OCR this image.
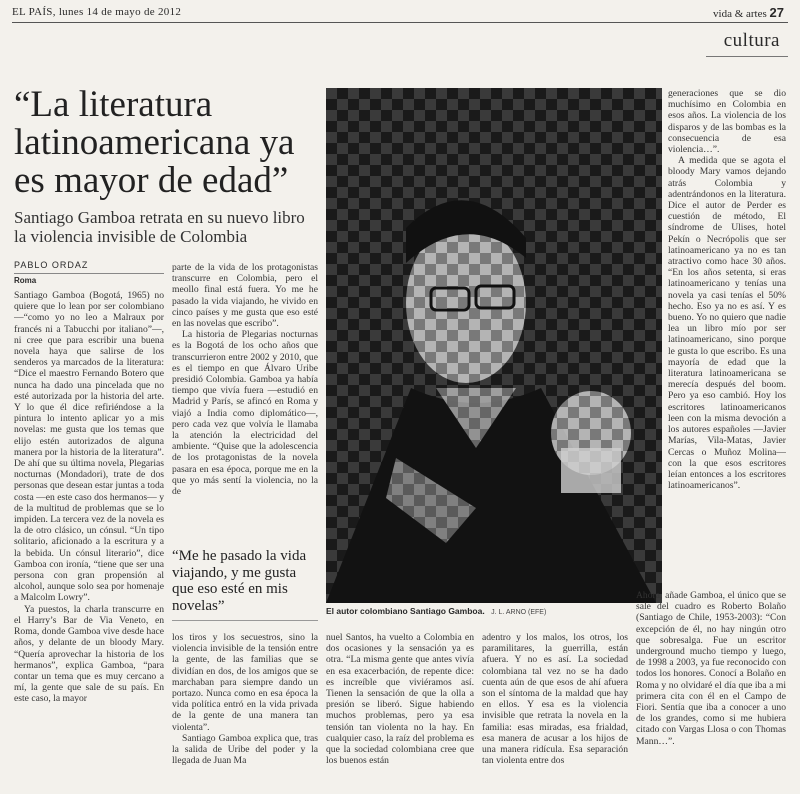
EL PAÍS, lunes 14 de mayo de 2012	vida & artes 27
cultura
“La literatura latinoamericana ya es mayor de edad”
Santiago Gamboa retrata en su nuevo libro la violencia invisible de Colombia
PABLO ORDAZ
Roma

Santiago Gamboa (Bogotá, 1965) no quiere que lo lean por ser colombiano —“como yo no leo a Malraux por francés ni a Tabucchi por italiano”—, ni cree que para escribir una buena novela haya que salirse de los senderos ya marcados de la literatura: “Dice el maestro Fernando Botero que nunca ha dado una pincelada que no esté autorizada por la historia del arte. Y lo que él dice refiriéndose a la pintura lo intento aplicar yo a mis novelas: me gusta que los temas que elijo estén autorizados de alguna manera por la historia de la literatura”. De ahí que su última novela, Plegarias nocturnas (Mondadori), trate de dos personas que desean estar juntas a toda costa —en este caso dos hermanos— y de la multitud de problemas que se lo impiden. La tercera vez de la novela es la de otro clásico, un cónsul. “Un tipo solitario, aficionado a la escritura y a la bebida. Un cónsul literario”, dice Gamboa con ironía, “tiene que ser una persona con gran propensión al alcohol, aunque solo sea por homenaje a Malcolm Lowry”.

Ya puestos, la charla transcurre en el Harry’s Bar de Via Veneto, en Roma, donde Gamboa vive desde hace años, y delante de un bloody Mary. “Quería aprovechar la historia de los hermanos”, explica Gamboa, “para contar un tema que es muy cercano a mí, la gente que sale de su país. En este caso, la mayor

parte de la vida de los protagonistas transcurre en Colombia, pero el meollo final está fuera. Yo me he pasado la vida viajando, he vivido en cinco países y me gusta que eso esté en las novelas que escribo”.

La historia de Plegarias nocturnas es la Bogotá de los ocho años que transcurrieron entre 2002 y 2010, que es el tiempo en que Álvaro Uribe presidió Colombia. Gamboa ya había tiempo que vivía fuera —estudió en Madrid y París, se afincó en Roma y viajó a India como diplomático—, pero cada vez que volvía le llamaba la atención la electricidad del ambiente. “Quise que la adolescencia de los protagonistas de la novela pasara en esa época, porque me en la que yo más sentí la violencia, no la de

“Me he pasado la vida viajando, y me gusta que eso esté en mis novelas”

los tiros y los secuestros, sino la violencia invisible de la tensión entre la gente, de las familias que se dividían en dos, de los amigos que se marchaban para siempre dando un portazo. Nunca como en esa época la vida política entró en la vida privada de la gente de una manera tan violenta”.

Santiago Gamboa explica que, tras la salida de Uribe del poder y la llegada de Juan Ma

El autor colombiano Santiago Gamboa. J. L. ARNO (EFE)

nuel Santos, ha vuelto a Colombia en dos ocasiones y la sensación ya es otra. “La misma gente que antes vivía en esa exacerbación, de repente dice: es increíble que viviéramos así. Tienen la sensación de que la olla a presión se liberó. Sigue habiendo muchos problemas, pero ya esa tensión tan violenta no la hay. En cualquier caso, la raíz del problema es que la sociedad colombiana cree que los buenos están

adentro y los malos, los otros, los paramilitares, la guerrilla, están afuera. Y no es así. La sociedad colombiana tal vez no se ha dado cuenta aún de que esos de ahí afuera son el síntoma de la maldad que hay en ellos. Y esa es la violencia invisible que retrata la novela en la familia: esas miradas, esa frialdad, esa manera de acusar a los hijos de una manera ridícula. Esa separación tan violenta entre dos

generaciones que se dio muchísimo en Colombia en esos años. La violencia de los disparos y de las bombas es la consecuencia de esa violencia…”.

A medida que se agota el bloody Mary vamos dejando atrás Colombia y adentrándonos en la literatura. Dice el autor de Perder es cuestión de método, El síndrome de Ulises, hotel Pekín o Necrópolis que ser latinoamericano ya no es tan atractivo como hace 30 años. “En los años setenta, si eras latinoamericano y tenías una novela ya casi tenías el 50% hecho. Eso ya no es así. Y es bueno. Yo no quiero que nadie lea un libro mío por ser latinoamericano, sino porque le gusta lo que escribo. Es una mayoría de edad que la literatura latinoamericana se merecía después del boom. Pero ya eso cambió. Hoy los escritores latinoamericanos leen con la misma devoción a los autores españoles —Javier Marías, Vila-Matas, Javier Cercas o Muñoz Molina— con la que esos escritores leían entonces a los escritores latinoamericanos”.

Ahora, añade Gamboa, el único que se sale del cuadro es Roberto Bolaño (Santiago de Chile, 1953-2003): “Con excepción de él, no hay ningún otro que sobresalga. Fue un escritor underground mucho tiempo y luego, de 1998 a 2003, ya fue reconocido con todos los honores. Conocí a Bolaño en Roma y no olvidaré el día que iba a mi primera cita con él en el Campo de Fiori. Sentía que iba a conocer a uno de los grandes, como si me hubiera citado con Vargas Llosa o con Thomas Mann…”.
